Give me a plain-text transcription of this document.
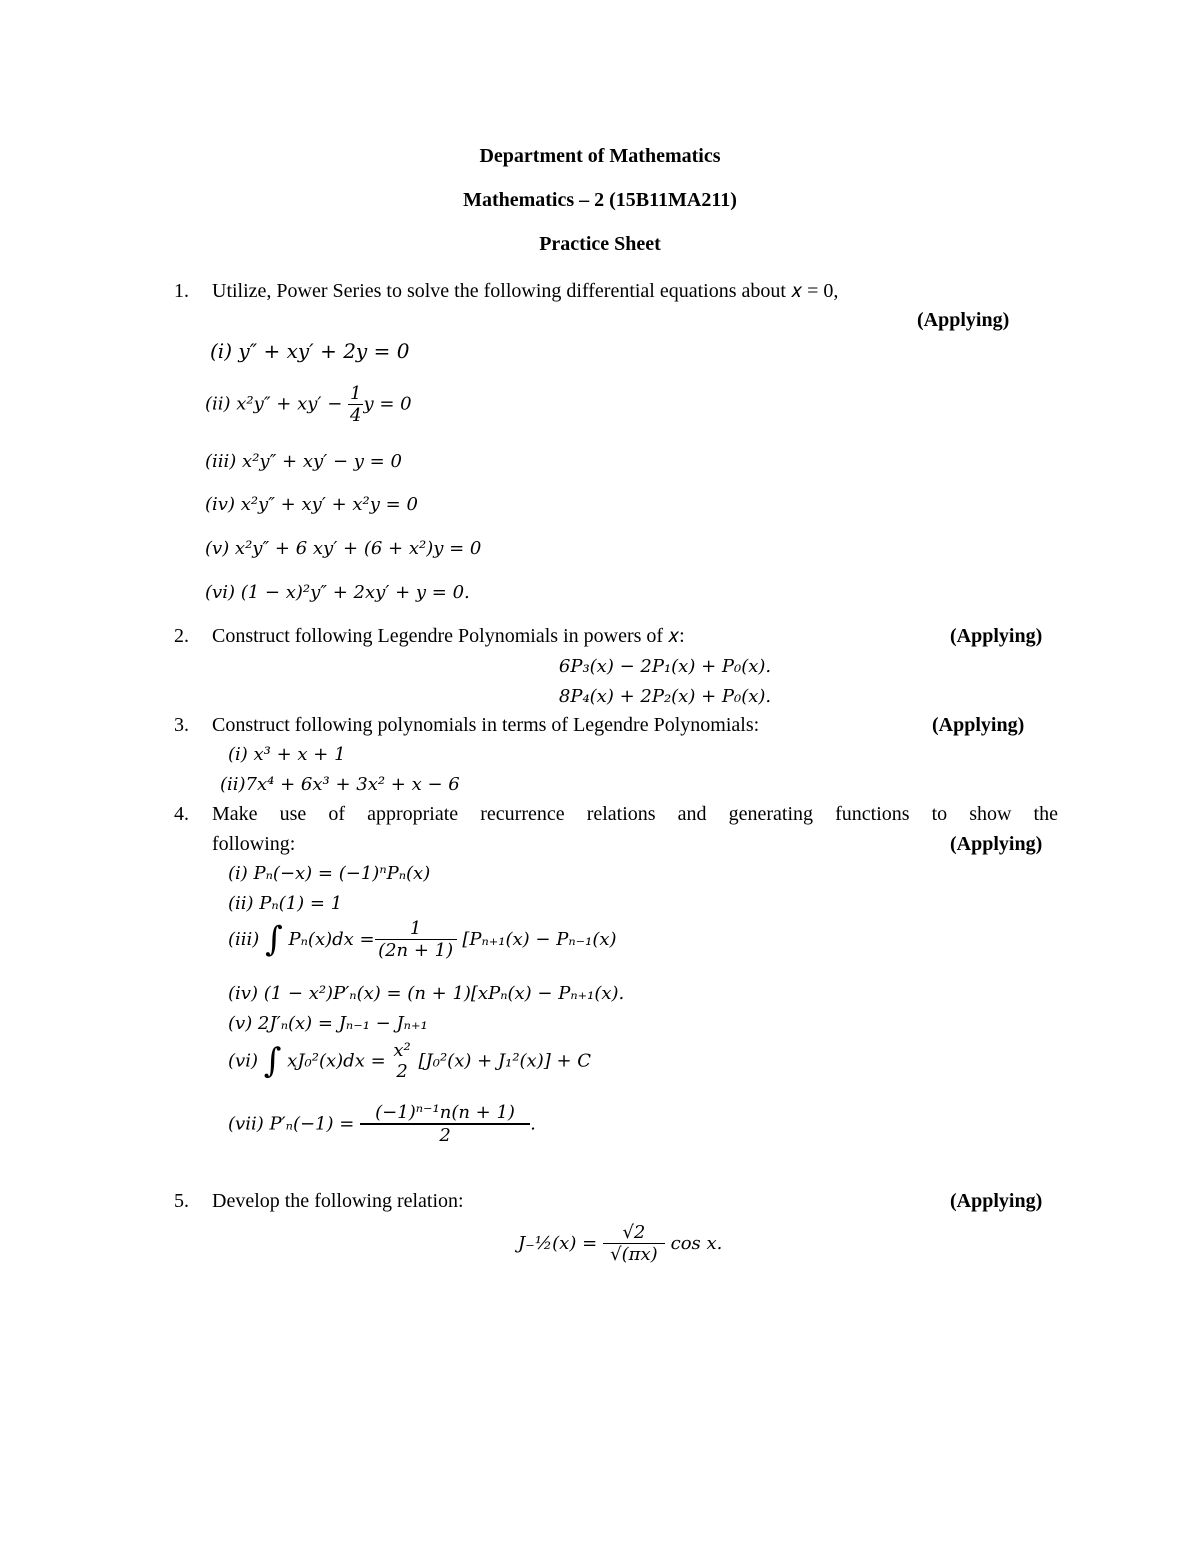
Department of Mathematics
Mathematics – 2 (15B11MA211)
Practice Sheet
1. Utilize, Power Series to solve the following differential equations about 𝑥 = 0,
(Applying)
(𝑖) 𝑦″ + 𝑥𝑦′ + 2𝑦 = 0
(𝑖𝑖) 𝑥²𝑦″ + 𝑥𝑦′ − $\frac{1}{4}$ 𝑦 = 0
(𝑖𝑖𝑖) 𝑥²𝑦″ + 𝑥𝑦′ − 𝑦 = 0
(𝑖𝑣) 𝑥²𝑦″ + 𝑥𝑦′ + 𝑥²𝑦 = 0
(𝑣) 𝑥²𝑦″ + 6 𝑥𝑦′ + (6 + 𝑥²)𝑦 = 0
(𝑣𝑖) (1 − 𝑥)²𝑦″ + 2𝑥𝑦′ + 𝑦 = 0.
2. Construct following Legendre Polynomials in powers of 𝑥:	(Applying)
6𝑃₃(𝑥) − 2𝑃₁(𝑥) + 𝑃₀(𝑥).
8𝑃₄(𝑥) + 2𝑃₂(𝑥) + 𝑃₀(𝑥).
3. Construct following polynomials in terms of Legendre Polynomials:	(Applying)
(𝑖) 𝑥³ + 𝑥 + 1
(𝑖𝑖)7𝑥⁴ + 6𝑥³ + 3𝑥² + 𝑥 − 6
4. Make use of appropriate recurrence relations and generating functions to show the
following:	(Applying)
(𝑖) 𝑃ₙ(−𝑥) = (−1)ⁿ𝑃ₙ(𝑥)
(𝑖𝑖) 𝑃ₙ(1) = 1
(𝑖𝑖𝑖) ∫ 𝑃ₙ(𝑥)𝑑𝑥 = $\frac{1}{\text{(2𝑛 + 1)}}$ [𝑃ₙ₊₁(𝑥) − 𝑃ₙ₋₁(𝑥)
(𝑖𝑣) (1 − 𝑥²)𝑃′ₙ(𝑥) = (𝑛 + 1)[𝑥𝑃ₙ(𝑥) − 𝑃ₙ₊₁(𝑥).
(𝑣) 2𝐽′ₙ(𝑥) = 𝐽ₙ₋₁ − 𝐽ₙ₊₁
(𝑣𝑖) ∫ 𝑥𝐽₀²(𝑥)𝑑𝑥 = 𝑥²
2 [𝐽₀²(𝑥) + 𝐽₁²(𝑥)] + 𝐶
(𝑣𝑖𝑖) 𝑃′ₙ(−1) = $\frac{\text{(−1)ⁿ⁻¹𝑛(𝑛 + 1)}}{2}$ .
5. Develop the following relation:	(Applying)
𝐽₋½(𝑥) = $\frac{√2}{\text{√(𝜋𝑥)}}$ 𝑐𝑜𝑠 𝑥.
